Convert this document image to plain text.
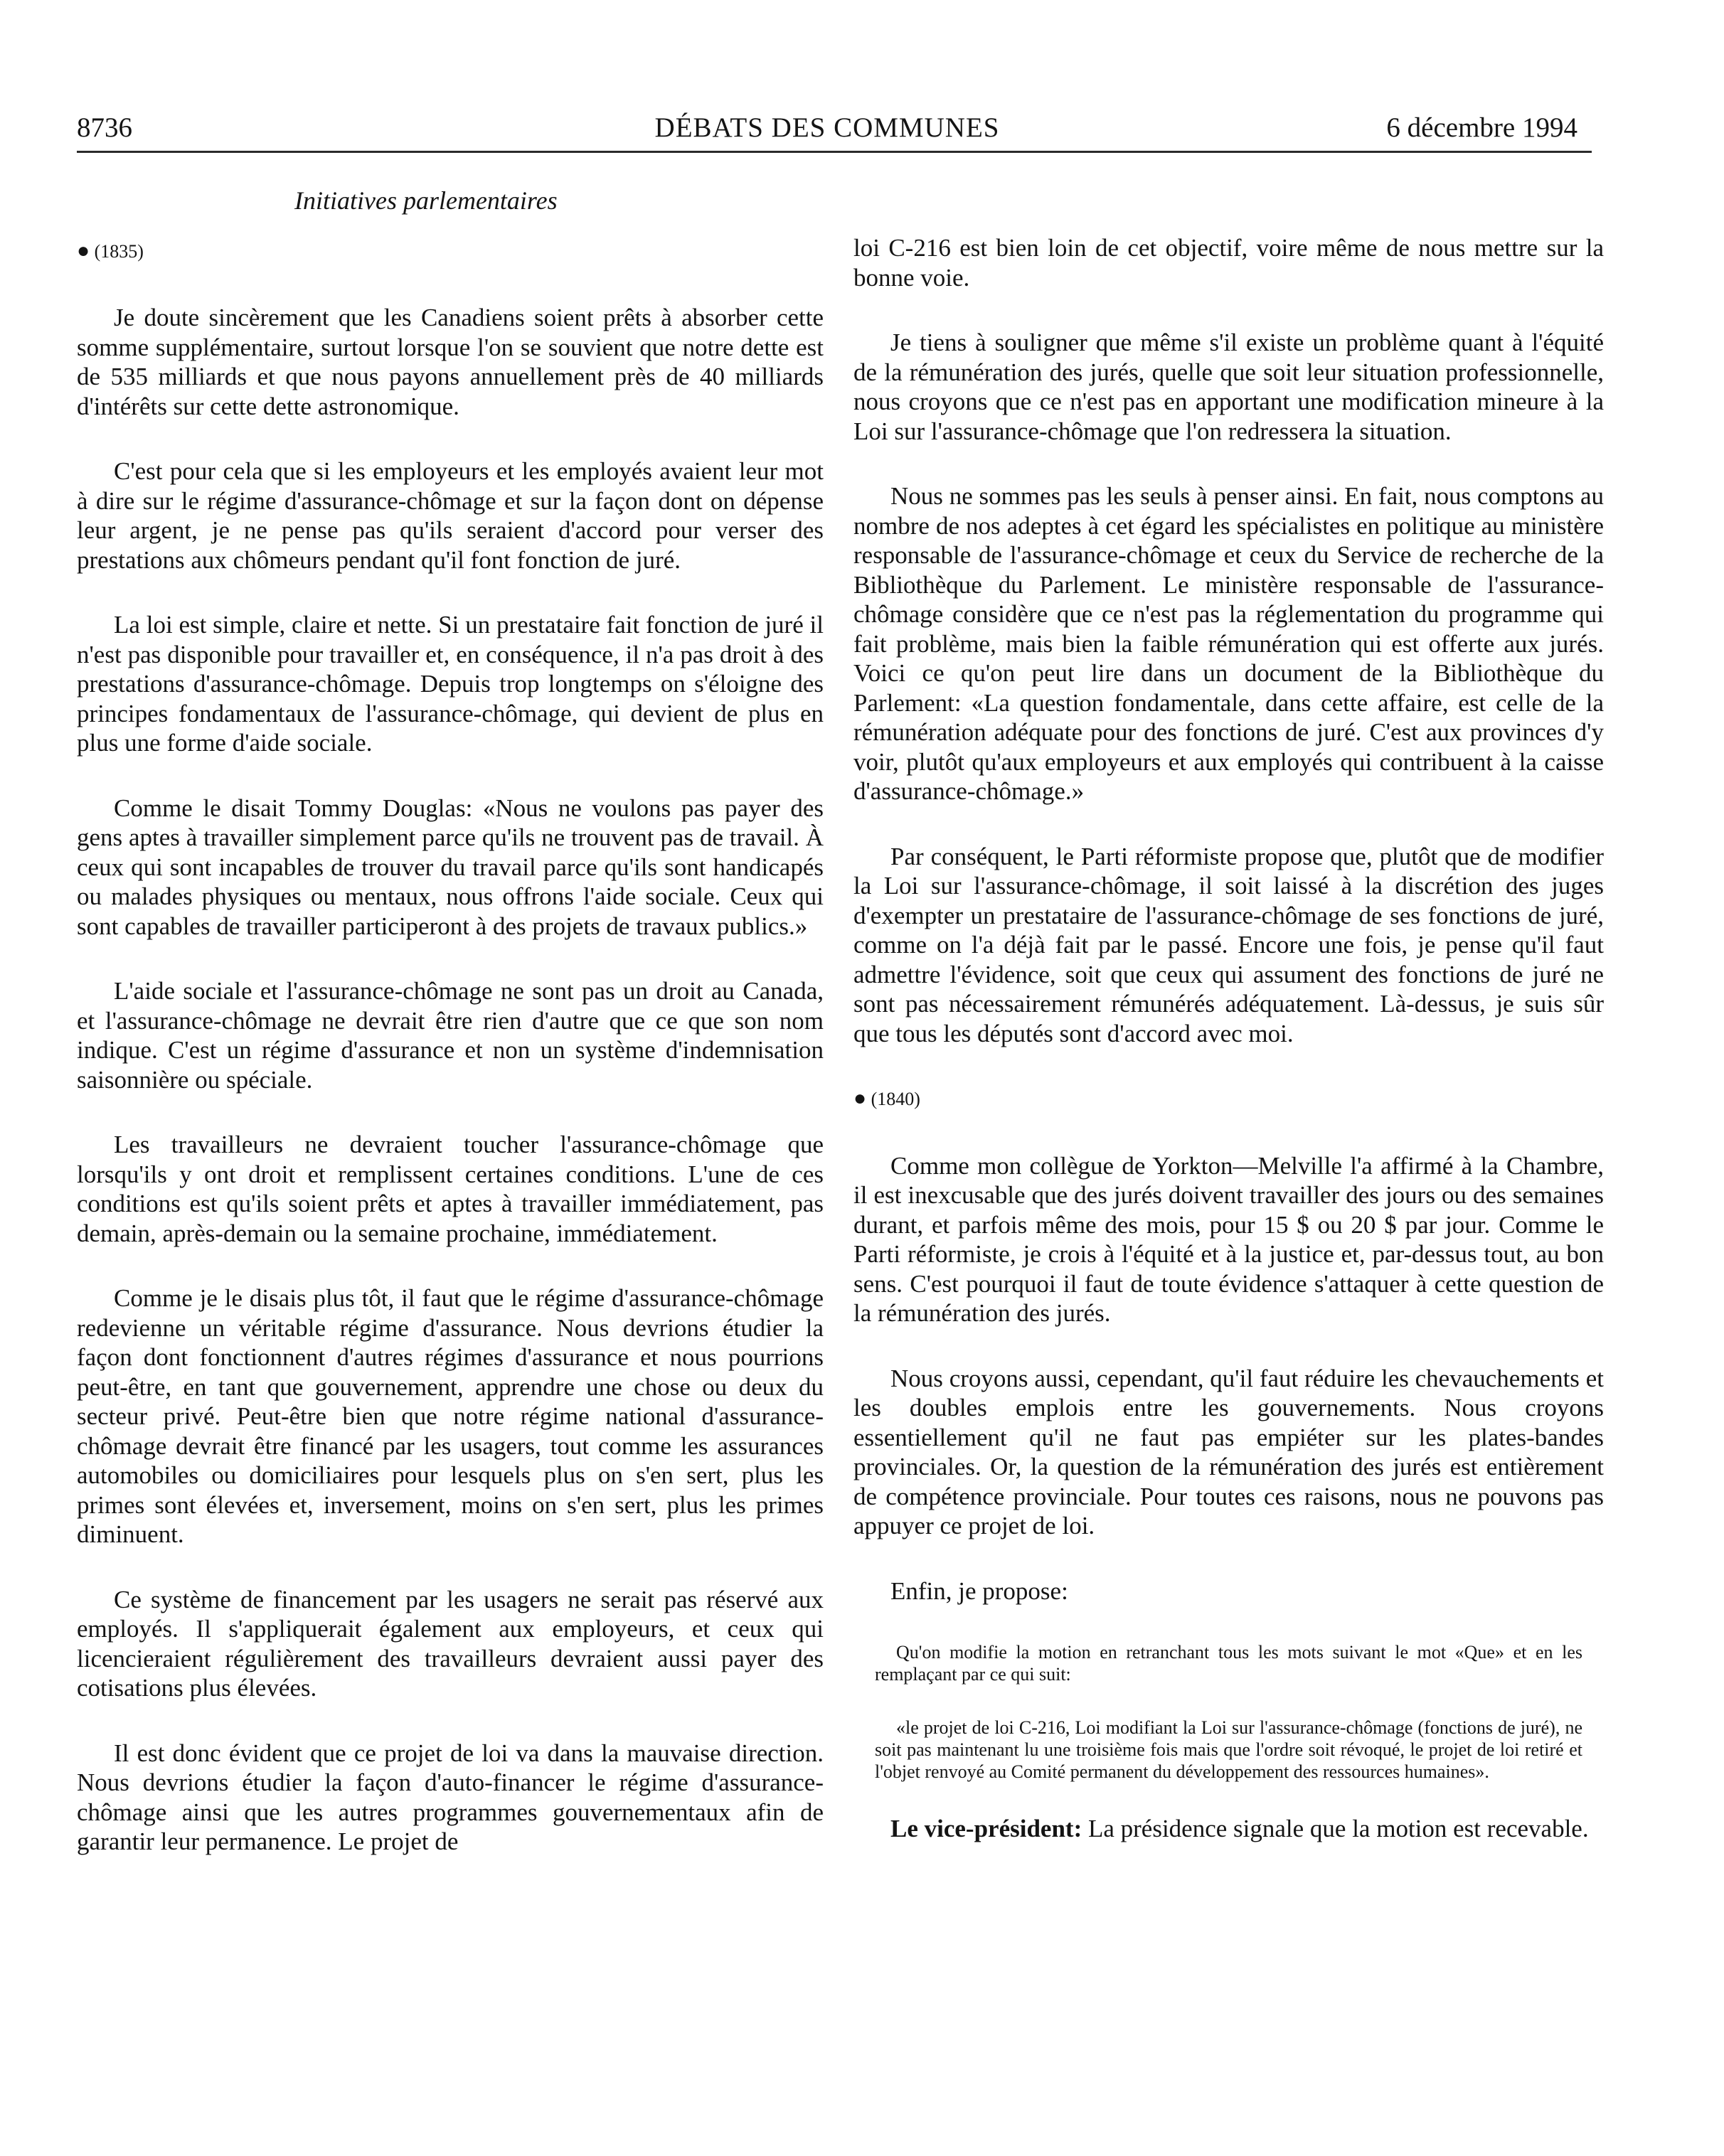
8736	DÉBATS DES COMMUNES	6 décembre 1994
Initiatives parlementaires
● (1835)
Je doute sincèrement que les Canadiens soient prêts à absorber cette somme supplémentaire, surtout lorsque l'on se souvient que notre dette est de 535 milliards et que nous payons annuellement près de 40 milliards d'intérêts sur cette dette astronomique.
C'est pour cela que si les employeurs et les employés avaient leur mot à dire sur le régime d'assurance-chômage et sur la façon dont on dépense leur argent, je ne pense pas qu'ils seraient d'accord pour verser des prestations aux chômeurs pendant qu'il font fonction de juré.
La loi est simple, claire et nette. Si un prestataire fait fonction de juré il n'est pas disponible pour travailler et, en conséquence, il n'a pas droit à des prestations d'assurance-chômage. Depuis trop longtemps on s'éloigne des principes fondamentaux de l'assurance-chômage, qui devient de plus en plus une forme d'aide sociale.
Comme le disait Tommy Douglas: «Nous ne voulons pas payer des gens aptes à travailler simplement parce qu'ils ne trouvent pas de travail. À ceux qui sont incapables de trouver du travail parce qu'ils sont handicapés ou malades physiques ou mentaux, nous offrons l'aide sociale. Ceux qui sont capables de travailler participeront à des projets de travaux publics.»
L'aide sociale et l'assurance-chômage ne sont pas un droit au Canada, et l'assurance-chômage ne devrait être rien d'autre que ce que son nom indique. C'est un régime d'assurance et non un système d'indemnisation saisonnière ou spéciale.
Les travailleurs ne devraient toucher l'assurance-chômage que lorsqu'ils y ont droit et remplissent certaines conditions. L'une de ces conditions est qu'ils soient prêts et aptes à travailler immédiatement, pas demain, après-demain ou la semaine prochaine, immédiatement.
Comme je le disais plus tôt, il faut que le régime d'assurance-chômage redevienne un véritable régime d'assurance. Nous devrions étudier la façon dont fonctionnent d'autres régimes d'assurance et nous pourrions peut-être, en tant que gouvernement, apprendre une chose ou deux du secteur privé. Peut-être bien que notre régime national d'assurance-chômage devrait être financé par les usagers, tout comme les assurances automobiles ou domiciliaires pour lesquels plus on s'en sert, plus les primes sont élevées et, inversement, moins on s'en sert, plus les primes diminuent.
Ce système de financement par les usagers ne serait pas réservé aux employés. Il s'appliquerait également aux employeurs, et ceux qui licencieraient régulièrement des travailleurs devraient aussi payer des cotisations plus élevées.
Il est donc évident que ce projet de loi va dans la mauvaise direction. Nous devrions étudier la façon d'auto-financer le régime d'assurance-chômage ainsi que les autres programmes gouvernementaux afin de garantir leur permanence. Le projet de
loi C-216 est bien loin de cet objectif, voire même de nous mettre sur la bonne voie.
Je tiens à souligner que même s'il existe un problème quant à l'équité de la rémunération des jurés, quelle que soit leur situation professionnelle, nous croyons que ce n'est pas en apportant une modification mineure à la Loi sur l'assurance-chômage que l'on redressera la situation.
Nous ne sommes pas les seuls à penser ainsi. En fait, nous comptons au nombre de nos adeptes à cet égard les spécialistes en politique au ministère responsable de l'assurance-chômage et ceux du Service de recherche de la Bibliothèque du Parlement. Le ministère responsable de l'assurance-chômage considère que ce n'est pas la réglementation du programme qui fait problème, mais bien la faible rémunération qui est offerte aux jurés. Voici ce qu'on peut lire dans un document de la Bibliothèque du Parlement: «La question fondamentale, dans cette affaire, est celle de la rémunération adéquate pour des fonctions de juré. C'est aux provinces d'y voir, plutôt qu'aux employeurs et aux employés qui contribuent à la caisse d'assurance-chômage.»
Par conséquent, le Parti réformiste propose que, plutôt que de modifier la Loi sur l'assurance-chômage, il soit laissé à la discrétion des juges d'exempter un prestataire de l'assurance-chômage de ses fonctions de juré, comme on l'a déjà fait par le passé. Encore une fois, je pense qu'il faut admettre l'évidence, soit que ceux qui assument des fonctions de juré ne sont pas nécessairement rémunérés adéquatement. Là-dessus, je suis sûr que tous les députés sont d'accord avec moi.
● (1840)
Comme mon collègue de Yorkton—Melville l'a affirmé à la Chambre, il est inexcusable que des jurés doivent travailler des jours ou des semaines durant, et parfois même des mois, pour 15 $ ou 20 $ par jour. Comme le Parti réformiste, je crois à l'équité et à la justice et, par-dessus tout, au bon sens. C'est pourquoi il faut de toute évidence s'attaquer à cette question de la rémunération des jurés.
Nous croyons aussi, cependant, qu'il faut réduire les chevauchements et les doubles emplois entre les gouvernements. Nous croyons essentiellement qu'il ne faut pas empiéter sur les plates-bandes provinciales. Or, la question de la rémunération des jurés est entièrement de compétence provinciale. Pour toutes ces raisons, nous ne pouvons pas appuyer ce projet de loi.
Enfin, je propose:
Qu'on modifie la motion en retranchant tous les mots suivant le mot «Que» et en les remplaçant par ce qui suit:
«le projet de loi C-216, Loi modifiant la Loi sur l'assurance-chômage (fonctions de juré), ne soit pas maintenant lu une troisième fois mais que l'ordre soit révoqué, le projet de loi retiré et l'objet renvoyé au Comité permanent du développement des ressources humaines».
Le vice-président: La présidence signale que la motion est recevable.
